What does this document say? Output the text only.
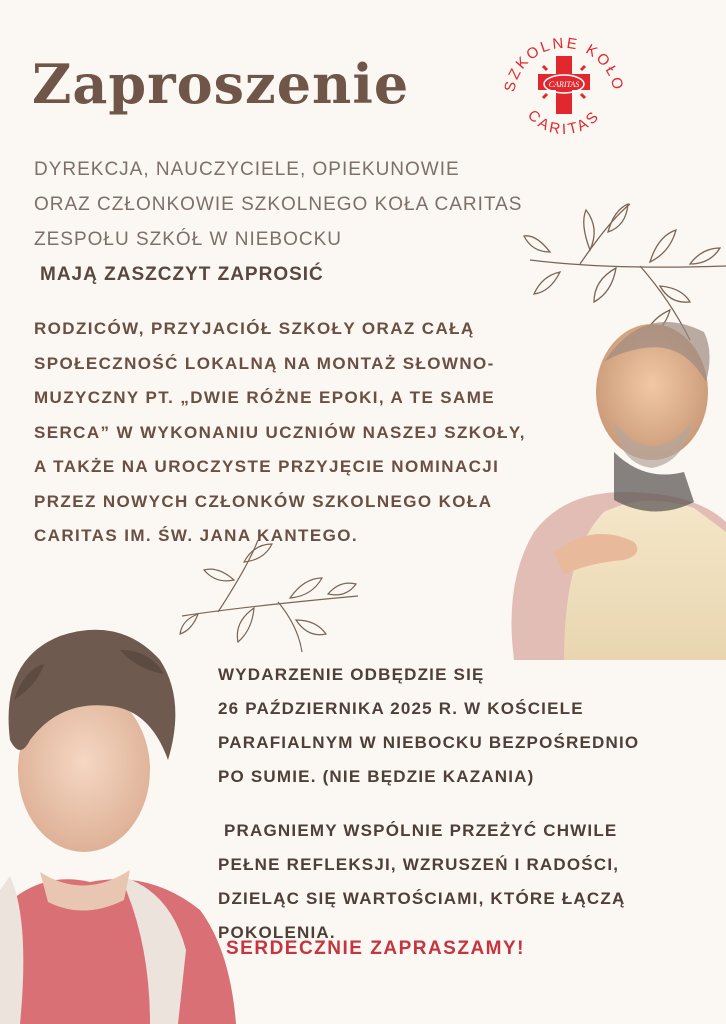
Zaproszenie	SZKOLNE KOŁO
CARITAS
CARITAS
DYREKCJA, NAUCZYCIELE, OPIEKUNOWIE
ORAZ CZŁONKOWIE SZKOLNEGO KOŁA CARITAS
ZESPOŁU SZKÓŁ W NIEBOCKU
MAJĄ ZASZCZYT ZAPROSIĆ
RODZICÓW, PRZYJACIÓŁ SZKOŁY ORAZ CAŁĄ
SPOŁECZNOŚĆ LOKALNĄ NA MONTAŻ SŁOWNO-
MUZYCZNY PT. „DWIE RÓŻNE EPOKI, A TE SAME
SERCA” W WYKONANIU UCZNIÓW NASZEJ SZKOŁY,
A TAKŻE NA UROCZYSTE PRZYJĘCIE NOMINACJI
PRZEZ NOWYCH CZŁONKÓW SZKOLNEGO KOŁA
CARITAS IM. ŚW. JANA KANTEGO.
WYDARZENIE ODBĘDZIE SIĘ
26 PAŹDZIERNIKA 2025 R. W KOŚCIELE
PARAFIALNYM W NIEBOCKU BEZPOŚREDNIO
PO SUMIE. (NIE BĘDZIE KAZANIA)
PRAGNIEMY WSPÓLNIE PRZEŻYĆ CHWILE
PEŁNE REFLEKSJI, WZRUSZEŃ I RADOŚCI,
DZIELĄC SIĘ WARTOŚCIAMI, KTÓRE ŁĄCZĄ
POKOLENIA.
SERDECZNIE ZAPRASZAMY!
